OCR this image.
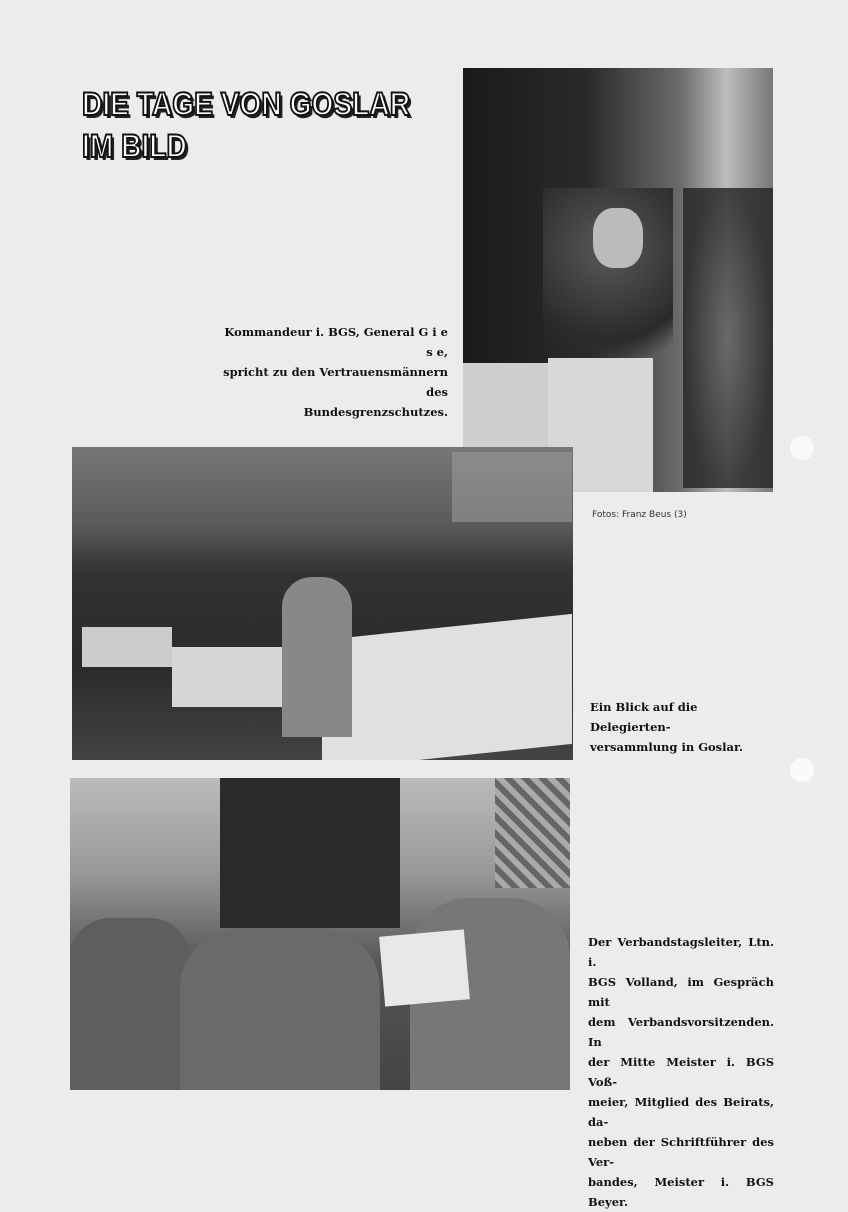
DIE TAGE VON GOSLAR
IM BILD
Kommandeur i. BGS, General G i e s e,
spricht zu den Vertrauensmännern des
Bundesgrenzschutzes.
Fotos: Franz Beus (3)
Ein Blick auf die Delegierten-
versammlung in Goslar.
Der Verbandstagsleiter, Ltn. i.
BGS Volland, im Gespräch mit
dem Verbandsvorsitzenden. In
der Mitte Meister i. BGS Voß-
meier, Mitglied des Beirats, da-
neben der Schriftführer des Ver-
bandes, Meister i. BGS Beyer.
